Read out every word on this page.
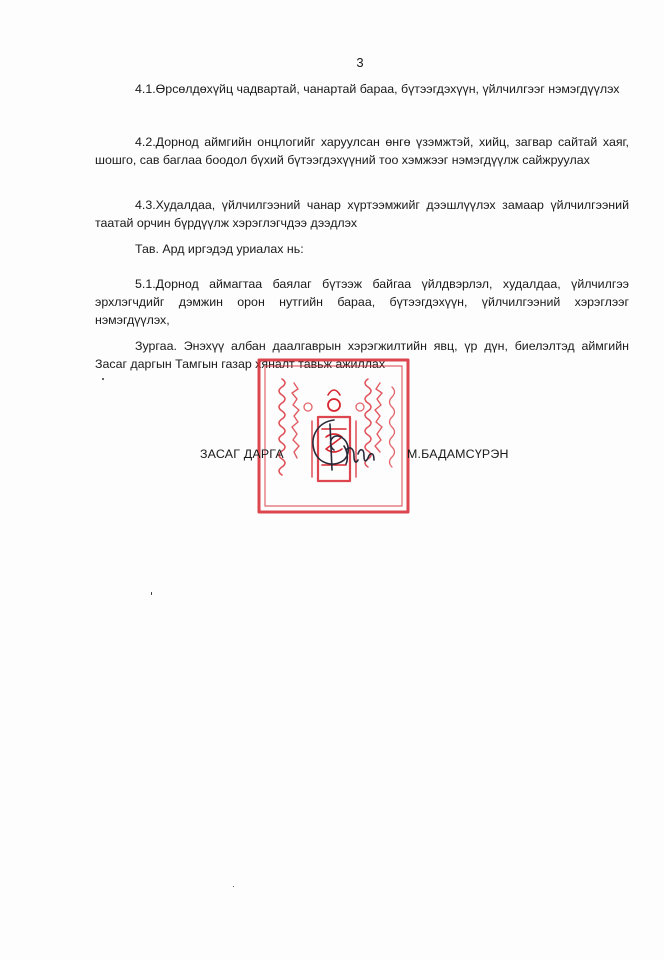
3

4.1.Өрсөлдөхүйц чадвартай, чанартай бараа, бүтээгдэхүүн, үйлчилгээг нэмэгдүүлэх

4.2.Дорнод аймгийн онцлогийг харуулсан өнгө үзэмжтэй, хийц, загвар сайтай хаяг, шошго, сав баглаа боодол бүхий бүтээгдэхүүний тоо хэмжээг нэмэгдүүлж сайжруулах

4.3.Худалдаа, үйлчилгээний чанар хүртээмжийг дээшлүүлэх замаар үйлчилгээний таатай орчин бүрдүүлж хэрэглэгчдээ дээдлэх

Тав. Ард иргэдэд уриалах нь:

5.1.Дорнод аймагтаа баялаг бүтээж байгаа үйлдвэрлэл, худалдаа, үйлчилгээ эрхлэгчдийг дэмжин орон нутгийн бараа, бүтээгдэхүүн, үйлчилгээний хэрэглээг нэмэгдүүлэх,

Зургаа. Энэхүү албан даалгаврын хэрэгжилтийн явц, үр дүн, биелэлтэд аймгийн Засаг даргын Тамгын газар хяналт тавьж ажиллах

ЗАСАГ ДАРГА	М.БАДАМСҮРЭН
